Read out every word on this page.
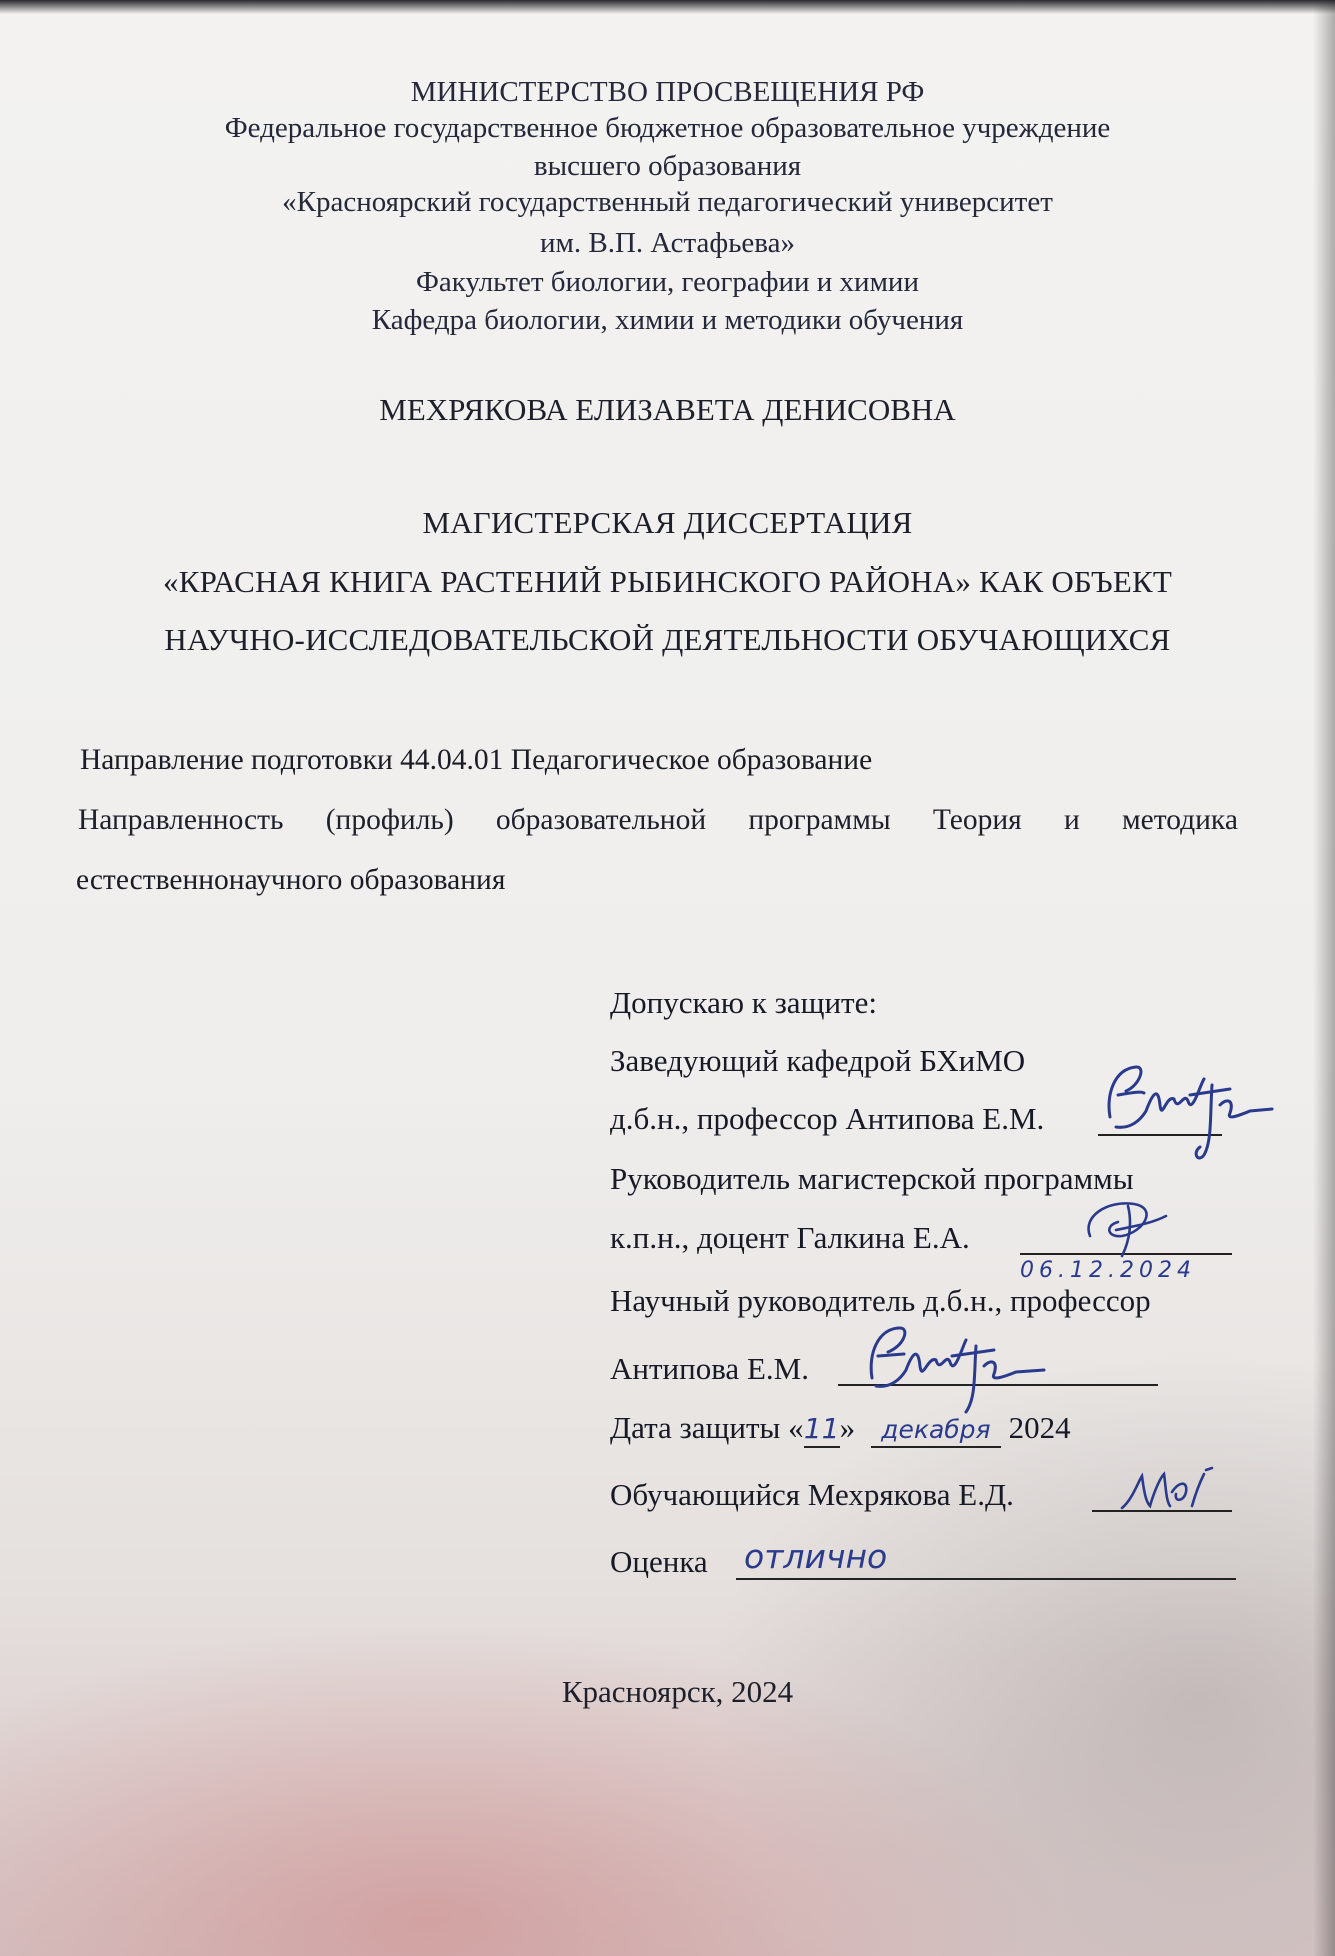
МИНИСТЕРСТВО ПРОСВЕЩЕНИЯ РФ
Федеральное государственное бюджетное образовательное учреждение
высшего образования
«Красноярский государственный педагогический университет
им. В.П. Астафьева»
Факультет биологии, географии и химии
Кафедра биологии, химии и методики обучения
МЕХРЯКОВА ЕЛИЗАВЕТА ДЕНИСОВНА
МАГИСТЕРСКАЯ ДИССЕРТАЦИЯ
«КРАСНАЯ КНИГА РАСТЕНИЙ РЫБИНСКОГО РАЙОНА» КАК ОБЪЕКТ
НАУЧНО-ИССЛЕДОВАТЕЛЬСКОЙ ДЕЯТЕЛЬНОСТИ ОБУЧАЮЩИХСЯ
Направление подготовки 44.04.01 Педагогическое образование
Направленность (профиль) образовательной программы Теория и методика
естественнонаучного образования
Допускаю к защите:
Заведующий кафедрой БХиМО
д.б.н., профессор Антипова Е.М.
Руководитель магистерской программы
к.п.н., доцент Галкина Е.А.
06.12.2024
Научный руководитель д.б.н., профессор
Антипова Е.М.
Дата защиты «11» декабря 2024
Обучающийся Мехрякова Е.Д.
Оценка отлично
Красноярск, 2024
